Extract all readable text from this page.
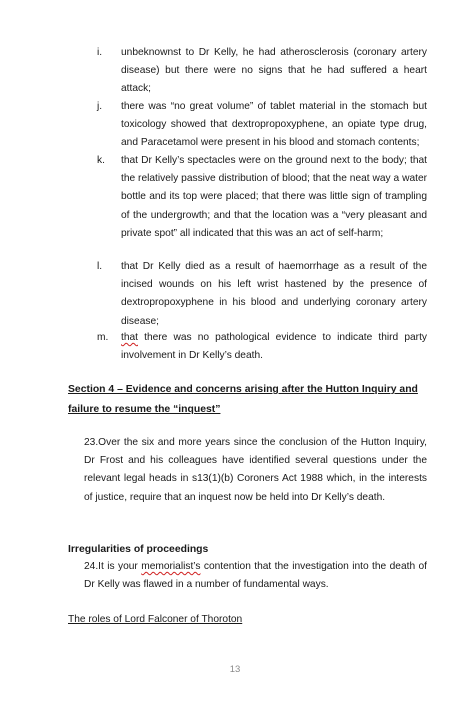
i.	unbeknownst to Dr Kelly, he had atherosclerosis (coronary artery disease) but there were no signs that he had suffered a heart attack;
j.	there was “no great volume” of tablet material in the stomach but toxicology showed that dextropropoxyphene, an opiate type drug, and Paracetamol were present in his blood and stomach contents;
k.	that Dr Kelly’s spectacles were on the ground next to the body; that the relatively passive distribution of blood; that the neat way a water bottle and its top were placed; that there was little sign of trampling of the undergrowth; and that the location was a “very pleasant and private spot” all indicated that this was an act of self-harm;
l.	that Dr Kelly died as a result of haemorrhage as a result of the incised wounds on his left wrist hastened by the presence of dextropropoxyphene in his blood and underlying coronary artery disease;
m.	that there was no pathological evidence to indicate third party involvement in Dr Kelly’s death.
Section 4 – Evidence and concerns arising after the Hutton Inquiry and failure to resume the “inquest”
23.Over the six and more years since the conclusion of the Hutton Inquiry, Dr Frost and his colleagues have identified several questions under the relevant legal heads in s13(1)(b) Coroners Act 1988 which, in the interests of justice, require that an inquest now be held into Dr Kelly’s death.
Irregularities of proceedings
24.It is your memorialist’s contention that the investigation into the death of Dr Kelly was flawed in a number of fundamental ways.
The roles of Lord Falconer of Thoroton
13
